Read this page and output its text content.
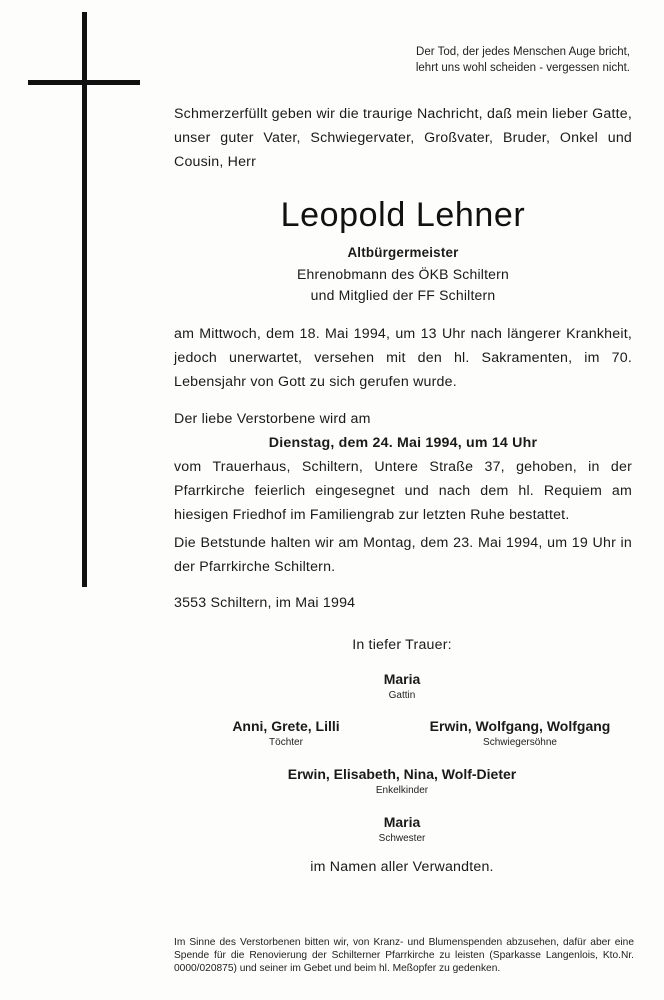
Der Tod, der jedes Menschen Auge bricht,
lehrt uns wohl scheiden - vergessen nicht.
Schmerzerfüllt geben wir die traurige Nachricht, daß mein lieber Gatte, unser guter Vater, Schwiegervater, Großvater, Bruder, Onkel und Cousin, Herr
Leopold Lehner
Altbürgermeister
Ehrenobmann des ÖKB Schiltern
und Mitglied der FF Schiltern
am Mittwoch, dem 18. Mai 1994, um 13 Uhr nach längerer Krankheit, jedoch unerwartet, versehen mit den hl. Sakramenten, im 70. Lebensjahr von Gott zu sich gerufen wurde.
Der liebe Verstorbene wird am
Dienstag, dem 24. Mai 1994, um 14 Uhr
vom Trauerhaus, Schiltern, Untere Straße 37, gehoben, in der Pfarrkirche feierlich eingesegnet und nach dem hl. Requiem am hiesigen Friedhof im Familiengrab zur letzten Ruhe bestattet.
Die Betstunde halten wir am Montag, dem 23. Mai 1994, um 19 Uhr in der Pfarrkirche Schiltern.
3553 Schiltern, im Mai 1994
In tiefer Trauer:
Maria
Gattin
Anni, Grete, Lilli
Töchter
Erwin, Wolfgang, Wolfgang
Schwiegersöhne
Erwin, Elisabeth, Nina, Wolf-Dieter
Enkelkinder
Maria
Schwester
im Namen aller Verwandten.
Im Sinne des Verstorbenen bitten wir, von Kranz- und Blumenspenden abzusehen, dafür aber eine Spende für die Renovierung der Schilterner Pfarrkirche zu leisten (Sparkasse Langenlois, Kto.Nr. 0000/020875) und seiner im Gebet und beim hl. Meßopfer zu gedenken.
